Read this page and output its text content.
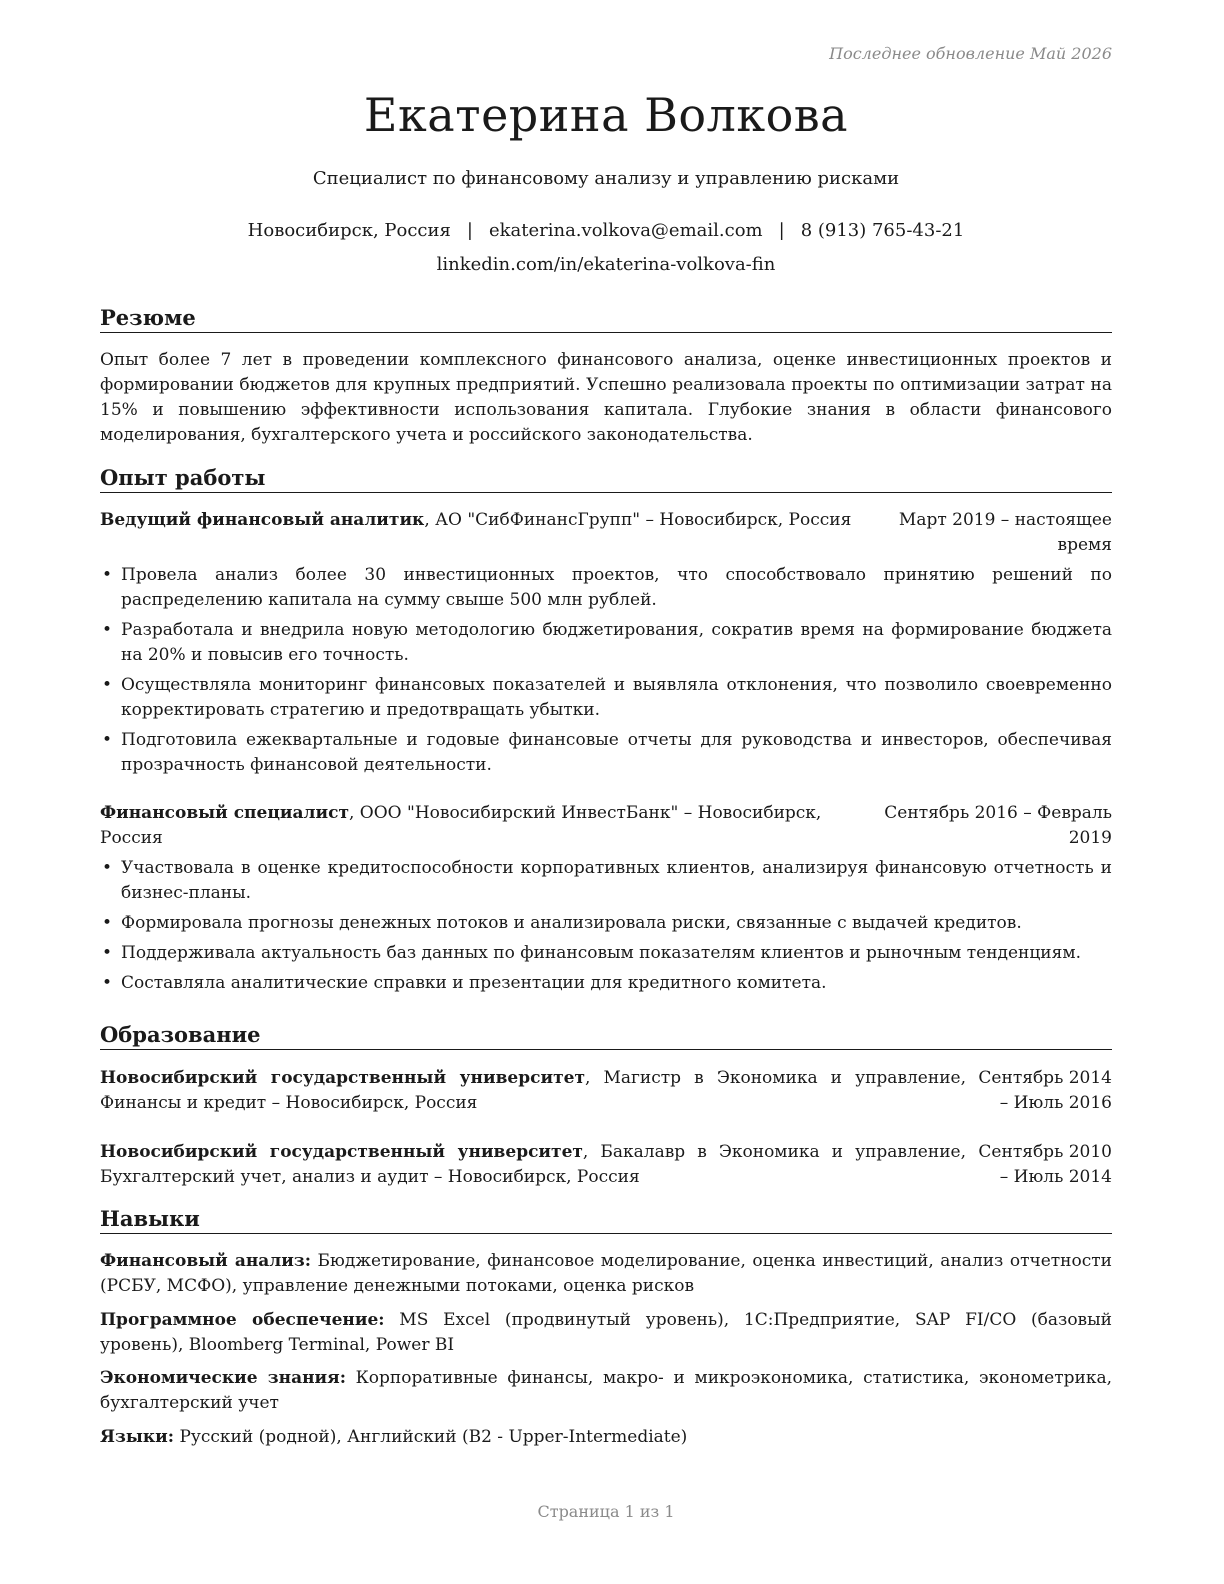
Последнее обновление Май 2026
Екатерина Волкова
Специалист по финансовому анализу и управлению рисками
Новосибирск, Россия | ekaterina.volkova@email.com | 8 (913) 765-43-21
linkedin.com/in/ekaterina-volkova-fin
Резюме
Опыт более 7 лет в проведении комплексного финансового анализа, оценке инвестиционных проектов и формировании бюджетов для крупных предприятий. Успешно реализовала проекты по оптимизации затрат на 15% и повышению эффективности использования капитала. Глубокие знания в области финансового моделирования, бухгалтерского учета и российского законодательства.
Опыт работы
Март 2019 – настоящее время
Ведущий финансовый аналитик, АО "СибФинансГрупп" – Новосибирск, Россия
• Провела анализ более 30 инвестиционных проектов, что способствовало принятию решений по распределению капитала на сумму свыше 500 млн рублей.
• Разработала и внедрила новую методологию бюджетирования, сократив время на формирование бюджета на 20% и повысив его точность.
• Осуществляла мониторинг финансовых показателей и выявляла отклонения, что позволило своевременно корректировать стратегию и предотвращать убытки.
• Подготовила ежеквартальные и годовые финансовые отчеты для руководства и инвесторов, обеспечивая прозрачность финансовой деятельности.
Сентябрь 2016 – Февраль 2019
Финансовый специалист, ООО "Новосибирский ИнвестБанк" – Новосибирск, Россия
• Участвовала в оценке кредитоспособности корпоративных клиентов, анализируя финансовую отчетность и бизнес-планы.
• Формировала прогнозы денежных потоков и анализировала риски, связанные с выдачей кредитов.
• Поддерживала актуальность баз данных по финансовым показателям клиентов и рыночным тенденциям.
• Составляла аналитические справки и презентации для кредитного комитета.
Образование
Новосибирский государственный университет, Магистр в Экономика и управление, Финансы и кредит – Новосибирск, Россия
Сентябрь 2014 – Июль 2016
Новосибирский государственный университет, Бакалавр в Экономика и управление, Бухгалтерский учет, анализ и аудит – Новосибирск, Россия
Сентябрь 2010 – Июль 2014
Навыки
Финансовый анализ: Бюджетирование, финансовое моделирование, оценка инвестиций, анализ отчетности (РСБУ, МСФО), управление денежными потоками, оценка рисков
Программное обеспечение: MS Excel (продвинутый уровень), 1С:Предприятие, SAP FI/CO (базовый уровень), Bloomberg Terminal, Power BI
Экономические знания: Корпоративные финансы, макро- и микроэкономика, статистика, эконометрика, бухгалтерский учет
Языки: Русский (родной), Английский (B2 - Upper-Intermediate)
Страница 1 из 1
